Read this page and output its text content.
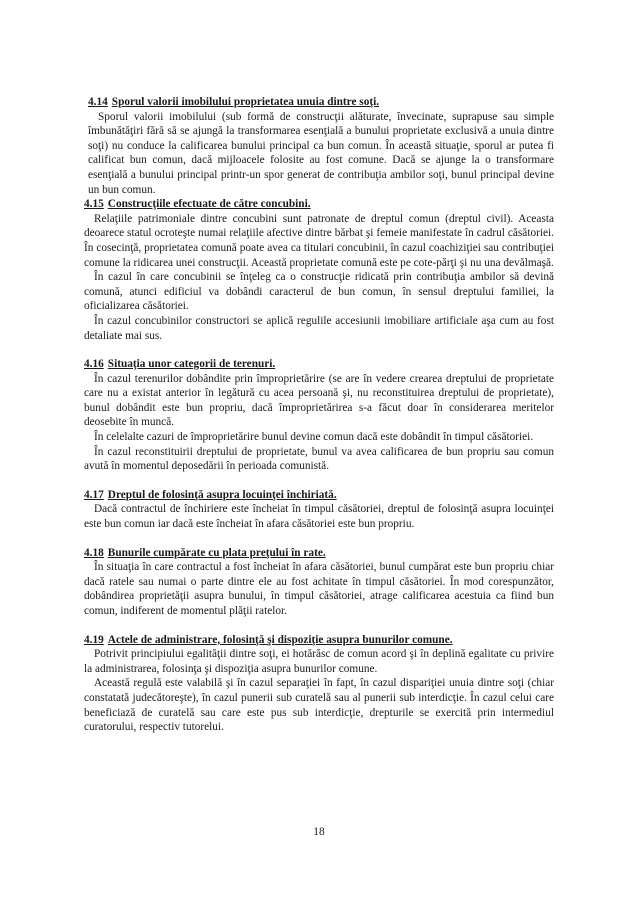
4.14 Sporul valorii imobilului proprietatea unuia dintre soţi.

Sporul valorii imobilului (sub formă de construcţii alăturate, învecinate, suprapuse sau simple îmbunătăţiri fără să se ajungă la transformarea esenţială a bunului proprietate exclusivă a unuia dintre soţi) nu conduce la calificarea bunului principal ca bun comun. În această situaţie, sporul ar putea fi calificat bun comun, dacă mijloacele folosite au fost comune. Dacă se ajunge la o transformare esenţială a bunului principal printr-un spor generat de contribuţia ambilor soţi, bunul principal devine un bun comun.

4.15 Construcţiile efectuate de către concubini.

Relaţiile patrimoniale dintre concubini sunt patronate de dreptul comun (dreptul civil). Aceasta deoarece statul ocroteşte numai relaţiile afective dintre bărbat şi femeie manifestate în cadrul căsătoriei. În cosecinţă, proprietatea comună poate avea ca titulari concubinii, în cazul coachiziţiei sau contribuţiei comune la ridicarea unei construcţii. Această proprietate comună este pe cote-părţi şi nu una devălmaşă.

În cazul în care concubinii se înţeleg ca o construcţie ridicată prin contribuţia ambilor să devină comună, atunci edificiul va dobândi caracterul de bun comun, în sensul dreptului familiei, la oficializarea căsătoriei.

În cazul concubinilor constructori se aplică regulile accesiunii imobiliare artificiale aşa cum au fost detaliate mai sus.

4.16 Situaţia unor categorii de terenuri.

În cazul terenurilor dobândite prin împroprietărire (se are în vedere crearea dreptului de proprietate care nu a existat anterior în legătură cu acea persoană şi, nu reconstituirea dreptului de proprietate), bunul dobândit este bun propriu, dacă împroprietărirea s-a făcut doar în considerarea meritelor deosebite în muncă.

În celelalte cazuri de împroprietărire bunul devine comun dacă este dobândit în timpul căsătoriei.

În cazul reconstituirii dreptului de proprietate, bunul va avea calificarea de bun propriu sau comun avută în momentul deposedării în perioada comunistă.

4.17 Dreptul de folosinţă asupra locuinţei închiriată.

Dacă contractul de închiriere este încheiat în timpul căsătoriei, dreptul de folosinţă asupra locuinţei este bun comun iar dacă este încheiat în afara căsătoriei este bun propriu.

4.18 Bunurile cumpărate cu plata preţului în rate.

În situaţia în care contractul a fost încheiat în afara căsătoriei, bunul cumpărat este bun propriu chiar dacă ratele sau numai o parte dintre ele au fost achitate în timpul căsătoriei. În mod corespunzător, dobândirea proprietăţii asupra bunului, în timpul căsătoriei, atrage calificarea acestuia ca fiind bun comun, indiferent de momentul plăţii ratelor.

4.19 Actele de administrare, folosinţă şi dispoziţie asupra bunurilor comune.

Potrivit principiului egalităţii dintre soţi, ei hotărăsc de comun acord şi în deplină egalitate cu privire la administrarea, folosinţa şi dispoziţia asupra bunurilor comune.

Această regulă este valabilă şi în cazul separaţiei în fapt, în cazul dispariţiei unuia dintre soţi (chiar constatată judecătoreşte), în cazul punerii sub curatelă sau al punerii sub interdicţie. În cazul celui care beneficiază de curatelă sau care este pus sub interdicţie, drepturile se exercită prin intermediul curatorului, respectiv tutorelui.

18
